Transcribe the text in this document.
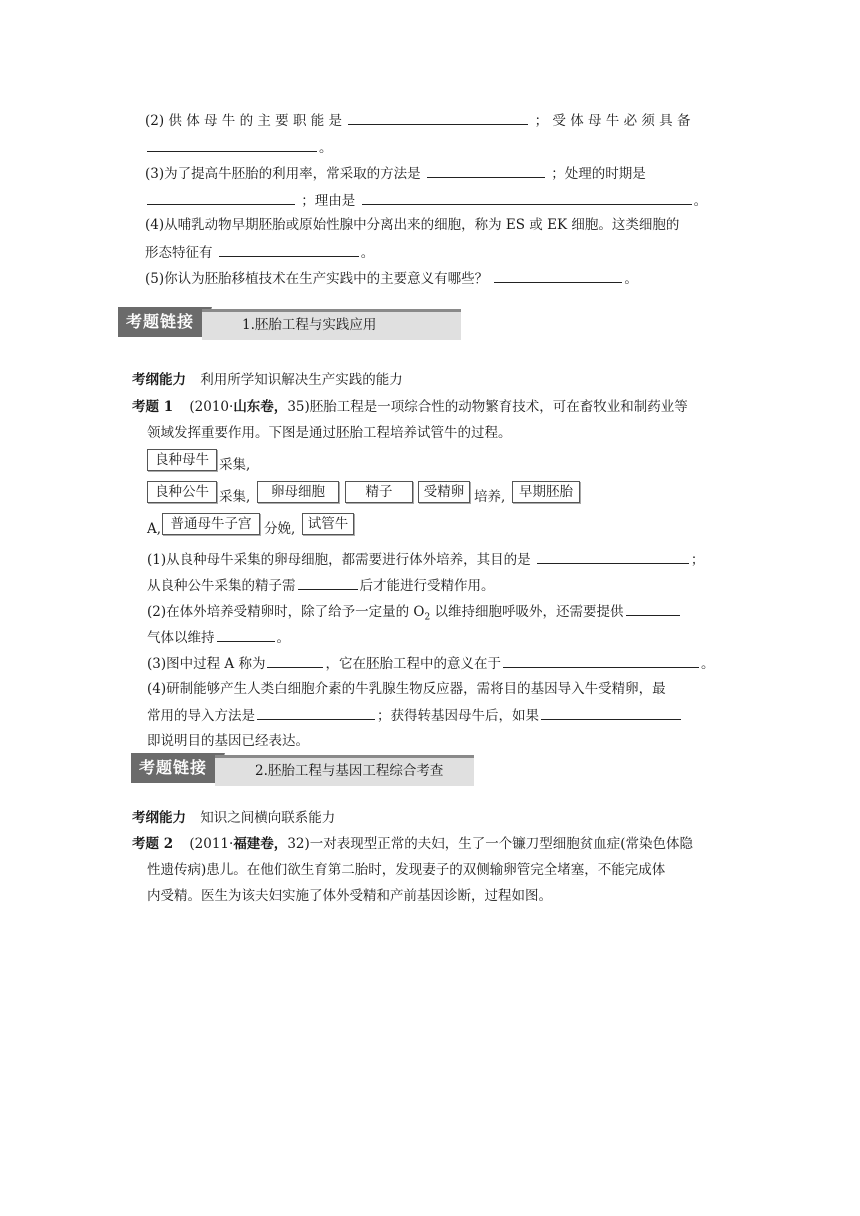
(2) 供 体 母 牛 的 主 要 职 能 是	； 受 体 母 牛 必 须 具 备
。
(3)为了提高牛胚胎的利用率，常采取的方法是	；处理的时期是
；理由是	。
(4)从哺乳动物早期胚胎或原始性腺中分离出来的细胞，称为 ES 或 EK 细胞。这类细胞的
形态特征有	。
(5)你认为胚胎移植技术在生产实践中的主要意义有哪些？	。
考题链接	1.胚胎工程与实践应用
考纲能力 利用所学知识解决生产实践的能力
考题 1 (2010·山东卷，35)胚胎工程是一项综合性的动物繁育技术，可在畜牧业和制药业等
领域发挥重要作用。下图是通过胚胎工程培养试管牛的过程。
良种母牛 采集,
良种公牛 采集,	卵母细胞	精子	受精卵 培养,	早期胚胎
A, 普通母牛子宫 分娩, 试管牛
(1)从良种母牛采集的卵母细胞，都需要进行体外培养，其目的是	；
从良种公牛采集的精子需	后才能进行受精作用。
(2)在体外培养受精卵时，除了给予一定量的 $O_2$ 以维持细胞呼吸外，还需要提供
气体以维持	。
(3)图中过程 A 称为	，它在胚胎工程中的意义在于	。
(4)研制能够产生人类白细胞介素的牛乳腺生物反应器，需将目的基因导入牛受精卵，最
常用的导入方法是	；获得转基因母牛后，如果
即说明目的基因已经表达。
考题链接	2.胚胎工程与基因工程综合考查
考纲能力 知识之间横向联系能力
考题 2 (2011·福建卷，32)一对表现型正常的夫妇，生了一个镰刀型细胞贫血症(常染色体隐
性遗传病)患儿。在他们欲生育第二胎时，发现妻子的双侧输卵管完全堵塞，不能完成体
内受精。医生为该夫妇实施了体外受精和产前基因诊断，过程如图。
